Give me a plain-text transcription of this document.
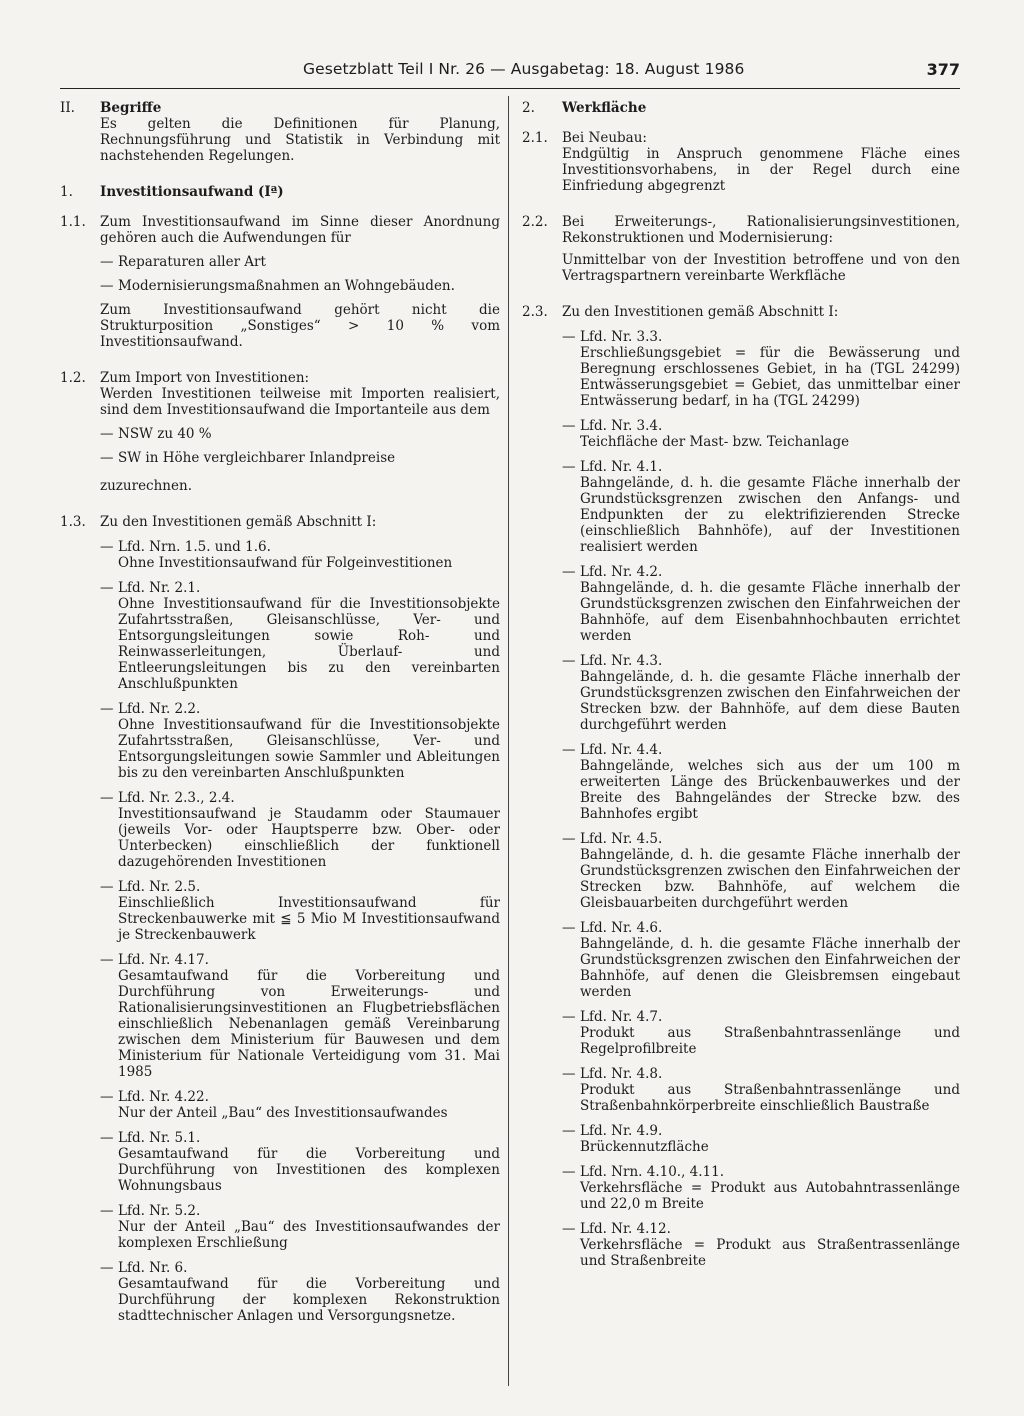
Gesetzblatt Teil I Nr. 26 — Ausgabetag: 18. August 1986	377
II. Begriffe

Es gelten die Definitionen für Planung, Rechnungsführung und Statistik in Verbindung mit nachstehenden Regelungen.

1. Investitionsaufwand (Iª)
1.1. Zum Investitionsaufwand im Sinne dieser Anordnung gehören auch die Aufwendungen für

— Reparaturen aller Art
— Modernisierungsmaßnahmen an Wohngebäuden.

Zum Investitionsaufwand gehört nicht die Strukturposition „Sonstiges“ > 10 % vom Investitionsaufwand.

1.2. Zum Import von Investitionen:

Werden Investitionen teilweise mit Importen realisiert, sind dem Investitionsaufwand die Importanteile aus dem

— NSW zu 40 %
— SW in Höhe vergleichbarer Inlandpreise

zuzurechnen.

1.3. Zu den Investitionen gemäß Abschnitt I:

— Lfd. Nrn. 1.5. und 1.6.
Ohne Investitionsaufwand für Folgeinvestitionen
— Lfd. Nr. 2.1.
Ohne Investitionsaufwand für die Investitionsobjekte Zufahrtsstraßen, Gleisanschlüsse, Ver- und Entsorgungsleitungen sowie Roh- und Reinwasserleitungen, Überlauf- und Entleerungsleitungen bis zu den vereinbarten Anschlußpunkten
— Lfd. Nr. 2.2.
Ohne Investitionsaufwand für die Investitionsobjekte Zufahrtsstraßen, Gleisanschlüsse, Ver- und Entsorgungsleitungen sowie Sammler und Ableitungen bis zu den vereinbarten Anschlußpunkten
— Lfd. Nr. 2.3., 2.4.
Investitionsaufwand je Staudamm oder Staumauer (jeweils Vor- oder Hauptsperre bzw. Ober- oder Unterbecken) einschließlich der funktionell dazugehörenden Investitionen
— Lfd. Nr. 2.5.
Einschließlich Investitionsaufwand für Streckenbauwerke mit ≦ 5 Mio M Investitionsaufwand je Streckenbauwerk
— Lfd. Nr. 4.17.
Gesamtaufwand für die Vorbereitung und Durchführung von Erweiterungs- und Rationalisierungsinvestitionen an Flugbetriebsflächen einschließlich Nebenanlagen gemäß Vereinbarung zwischen dem Ministerium für Bauwesen und dem Ministerium für Nationale Verteidigung vom 31. Mai 1985
— Lfd. Nr. 4.22.
Nur der Anteil „Bau“ des Investitionsaufwandes
— Lfd. Nr. 5.1.
Gesamtaufwand für die Vorbereitung und Durchführung von Investitionen des komplexen Wohnungsbaus
— Lfd. Nr. 5.2.
Nur der Anteil „Bau“ des Investitionsaufwandes der komplexen Erschließung
— Lfd. Nr. 6.
Gesamtaufwand für die Vorbereitung und Durchführung der komplexen Rekonstruktion stadttechnischer Anlagen und Versorgungsnetze.
2. Werkfläche
2.1. Bei Neubau:

Endgültig in Anspruch genommene Fläche eines Investitionsvorhabens, in der Regel durch eine Einfriedung abgegrenzt

2.2. Bei Erweiterungs-, Rationalisierungsinvestitionen, Rekonstruktionen und Modernisierung:

Unmittelbar von der Investition betroffene und von den Vertragspartnern vereinbarte Werkfläche

2.3. Zu den Investitionen gemäß Abschnitt I:

— Lfd. Nr. 3.3.
Erschließungsgebiet = für die Bewässerung und Beregnung erschlossenes Gebiet, in ha (TGL 24299) Entwässerungsgebiet = Gebiet, das unmittelbar einer Entwässerung bedarf, in ha (TGL 24299)
— Lfd. Nr. 3.4.
Teichfläche der Mast- bzw. Teichanlage
— Lfd. Nr. 4.1.
Bahngelände, d. h. die gesamte Fläche innerhalb der Grundstücksgrenzen zwischen den Anfangs- und Endpunkten der zu elektrifizierenden Strecke (einschließlich Bahnhöfe), auf der Investitionen realisiert werden
— Lfd. Nr. 4.2.
Bahngelände, d. h. die gesamte Fläche innerhalb der Grundstücksgrenzen zwischen den Einfahrweichen der Bahnhöfe, auf dem Eisenbahnhochbauten errichtet werden
— Lfd. Nr. 4.3.
Bahngelände, d. h. die gesamte Fläche innerhalb der Grundstücksgrenzen zwischen den Einfahrweichen der Strecken bzw. der Bahnhöfe, auf dem diese Bauten durchgeführt werden
— Lfd. Nr. 4.4.
Bahngelände, welches sich aus der um 100 m erweiterten Länge des Brückenbauwerkes und der Breite des Bahngeländes der Strecke bzw. des Bahnhofes ergibt
— Lfd. Nr. 4.5.
Bahngelände, d. h. die gesamte Fläche innerhalb der Grundstücksgrenzen zwischen den Einfahrweichen der Strecken bzw. Bahnhöfe, auf welchem die Gleisbauarbeiten durchgeführt werden
— Lfd. Nr. 4.6.
Bahngelände, d. h. die gesamte Fläche innerhalb der Grundstücksgrenzen zwischen den Einfahrweichen der Bahnhöfe, auf denen die Gleisbremsen eingebaut werden
— Lfd. Nr. 4.7.
Produkt aus Straßenbahntrassenlänge und Regelprofilbreite
— Lfd. Nr. 4.8.
Produkt aus Straßenbahntrassenlänge und Straßenbahnkörperbreite einschließlich Baustraße
— Lfd. Nr. 4.9.
Brückennutzfläche
— Lfd. Nrn. 4.10., 4.11.
Verkehrsfläche = Produkt aus Autobahntrassenlänge und 22,0 m Breite
— Lfd. Nr. 4.12.
Verkehrsfläche = Produkt aus Straßentrassenlänge und Straßenbreite
